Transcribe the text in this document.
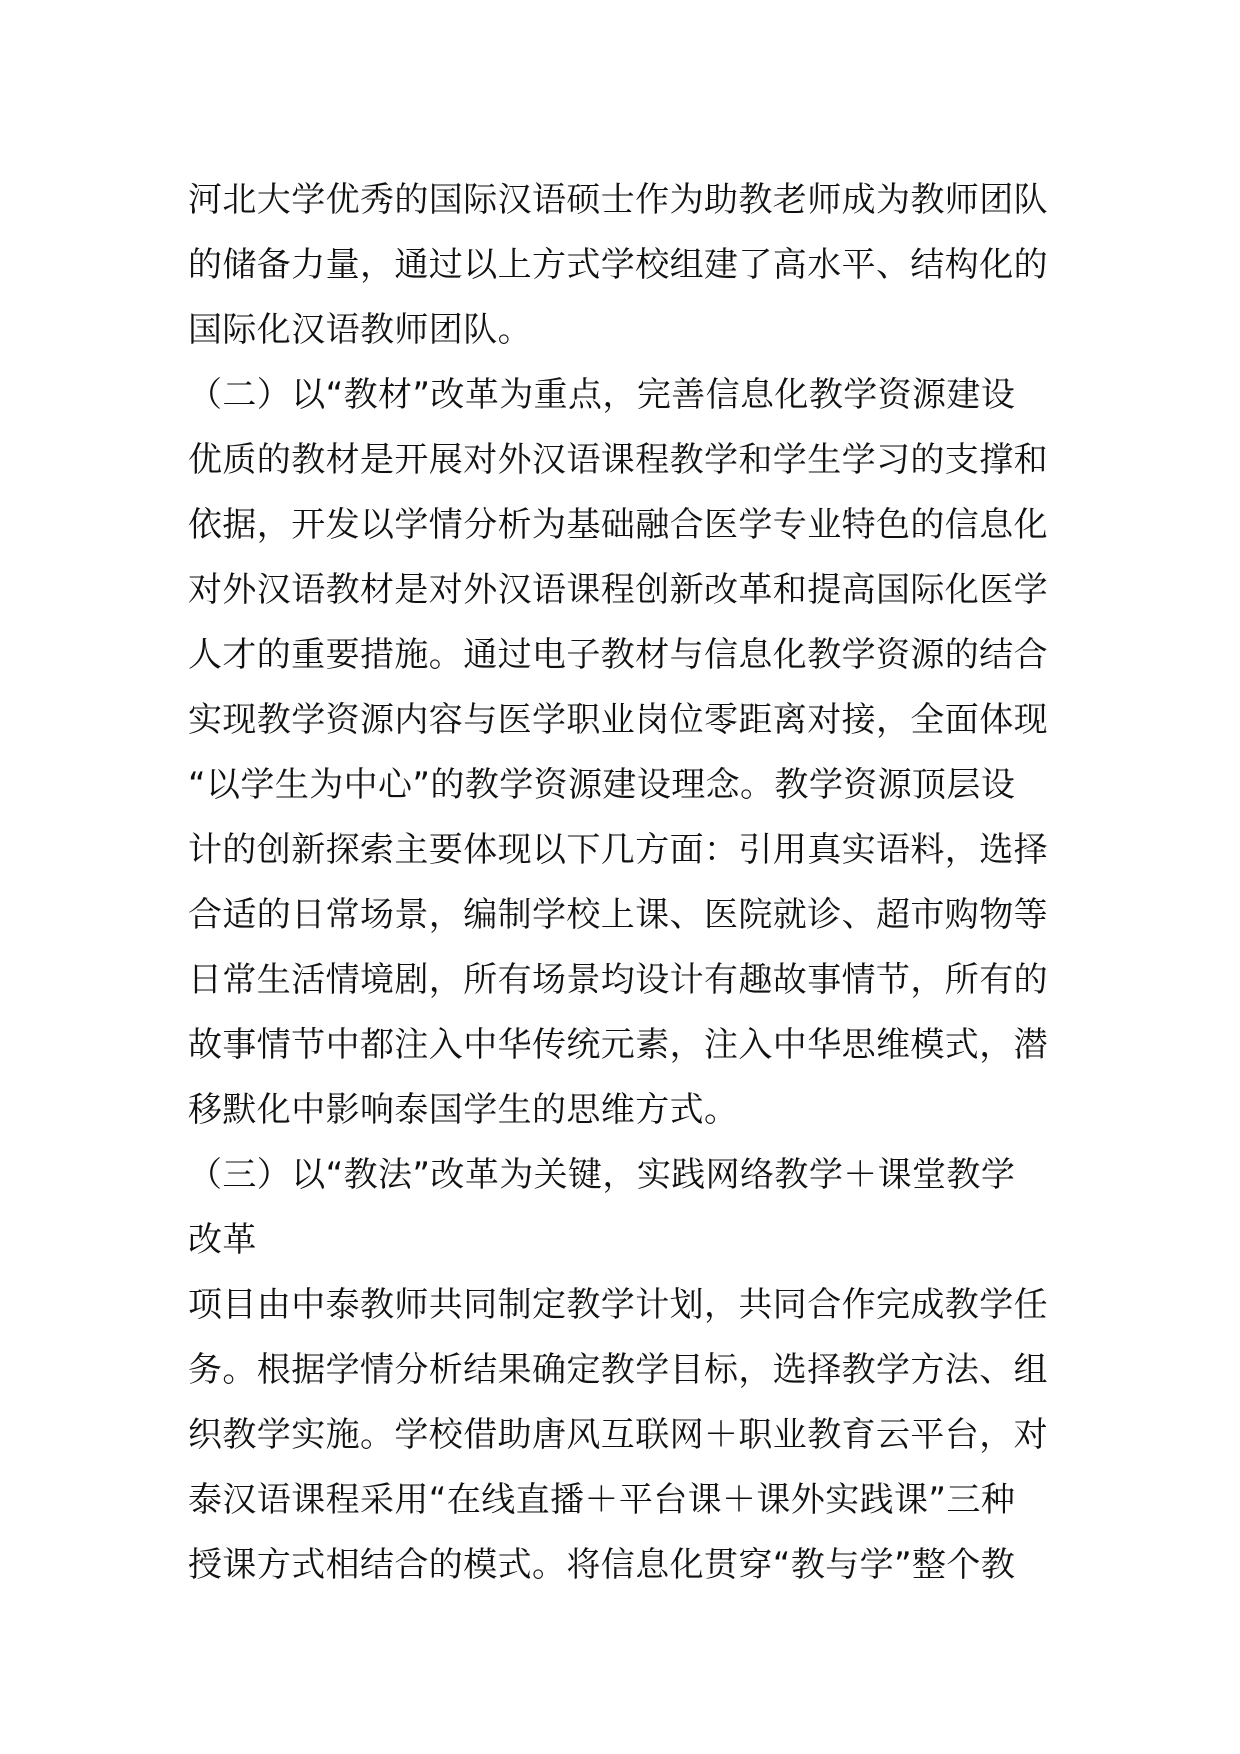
河北大学优秀的国际汉语硕士作为助教老师成为教师团队
的储备力量，通过以上方式学校组建了高水平、结构化的
国际化汉语教师团队。
（二）以“教材”改革为重点，完善信息化教学资源建设
优质的教材是开展对外汉语课程教学和学生学习的支撑和
依据，开发以学情分析为基础融合医学专业特色的信息化
对外汉语教材是对外汉语课程创新改革和提高国际化医学
人才的重要措施。通过电子教材与信息化教学资源的结合
实现教学资源内容与医学职业岗位零距离对接，全面体现
“以学生为中心”的教学资源建设理念。教学资源顶层设
计的创新探索主要体现以下几方面：引用真实语料，选择
合适的日常场景，编制学校上课、医院就诊、超市购物等
日常生活情境剧，所有场景均设计有趣故事情节，所有的
故事情节中都注入中华传统元素，注入中华思维模式，潜
移默化中影响泰国学生的思维方式。
（三）以“教法”改革为关键，实践网络教学＋课堂教学
改革
项目由中泰教师共同制定教学计划，共同合作完成教学任
务。根据学情分析结果确定教学目标，选择教学方法、组
织教学实施。学校借助唐风互联网＋职业教育云平台，对
泰汉语课程采用“在线直播＋平台课＋课外实践课”三种
授课方式相结合的模式。将信息化贯穿“教与学”整个教
